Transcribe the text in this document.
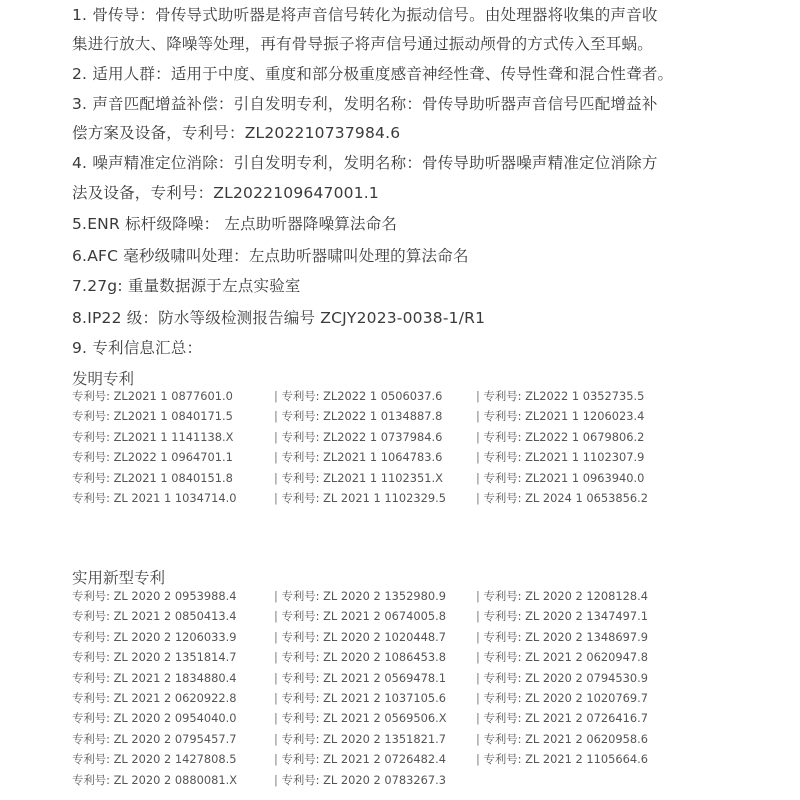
1. 骨传导：骨传导式助听器是将声音信号转化为振动信号。由处理器将收集的声音收
集进行放大、降噪等处理，再有骨导振子将声信号通过振动颅骨的方式传入至耳蜗。
2. 适用人群：适用于中度、重度和部分极重度感音神经性聋、传导性聋和混合性聋者。
3. 声音匹配增益补偿：引自发明专利，发明名称：骨传导助听器声音信号匹配增益补
偿方案及设备，专利号：ZL202210737984.6
4. 噪声精准定位消除：引自发明专利，发明名称：骨传导助听器噪声精准定位消除方
法及设备，专利号：ZL2022109647001.1
5.ENR 标杆级降噪： 左点助听器降噪算法命名
6.AFC 毫秒级啸叫处理：左点助听器啸叫处理的算法命名
7.27g: 重量数据源于左点实验室
8.IP22 级：防水等级检测报告编号 ZCJY2023-0038-1/R1
9. 专利信息汇总：
发明专利
专利号: ZL2021 1 0877601.0	| 专利号: ZL2022 1 0506037.6	| 专利号: ZL2022 1 0352735.5
专利号: ZL2021 1 0840171.5	| 专利号: ZL2022 1 0134887.8	| 专利号: ZL2021 1 1206023.4
专利号: ZL2021 1 1141138.X	| 专利号: ZL2022 1 0737984.6	| 专利号: ZL2022 1 0679806.2
专利号: ZL2022 1 0964701.1	| 专利号: ZL2021 1 1064783.6	| 专利号: ZL2021 1 1102307.9
专利号: ZL2021 1 0840151.8	| 专利号: ZL2021 1 1102351.X	| 专利号: ZL2021 1 0963940.0
专利号: ZL 2021 1 1034714.0	| 专利号: ZL 2021 1 1102329.5	| 专利号: ZL 2024 1 0653856.2
实用新型专利
专利号: ZL 2020 2 0953988.4	| 专利号: ZL 2020 2 1352980.9	| 专利号: ZL 2020 2 1208128.4
专利号: ZL 2021 2 0850413.4	| 专利号: ZL 2021 2 0674005.8	| 专利号: ZL 2020 2 1347497.1
专利号: ZL 2020 2 1206033.9	| 专利号: ZL 2020 2 1020448.7	| 专利号: ZL 2020 2 1348697.9
专利号: ZL 2020 2 1351814.7	| 专利号: ZL 2020 2 1086453.8	| 专利号: ZL 2021 2 0620947.8
专利号: ZL 2021 2 1834880.4	| 专利号: ZL 2021 2 0569478.1	| 专利号: ZL 2020 2 0794530.9
专利号: ZL 2021 2 0620922.8	| 专利号: ZL 2021 2 1037105.6	| 专利号: ZL 2020 2 1020769.7
专利号: ZL 2020 2 0954040.0	| 专利号: ZL 2021 2 0569506.X	| 专利号: ZL 2021 2 0726416.7
专利号: ZL 2020 2 0795457.7	| 专利号: ZL 2020 2 1351821.7	| 专利号: ZL 2021 2 0620958.6
专利号: ZL 2020 2 1427808.5	| 专利号: ZL 2021 2 0726482.4	| 专利号: ZL 2021 2 1105664.6
专利号: ZL 2020 2 0880081.X	| 专利号: ZL 2020 2 0783267.3
